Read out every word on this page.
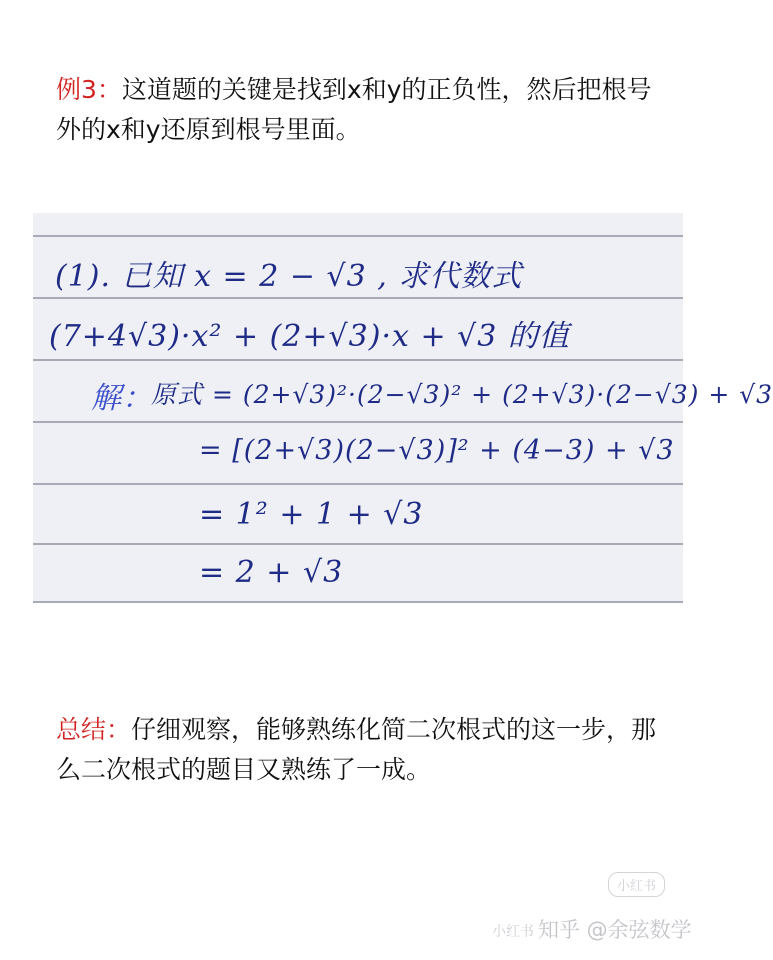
例3：这道题的关键是找到x和y的正负性，然后把根号外的x和y还原到根号里面。
(1). 已知 x = 2 − √3 , 求代数式
(7+4√3)·x² + (2+√3)·x + √3 的值
解：
原式 = (2+√3)²·(2−√3)² + (2+√3)·(2−√3) + √3
= [(2+√3)(2−√3)]² + (4−3) + √3
= 1² + 1 + √3
= 2 + √3
总结：仔细观察，能够熟练化简二次根式的这一步，那么二次根式的题目又熟练了一成。
小红书
小红书 知乎 @余弦数学
